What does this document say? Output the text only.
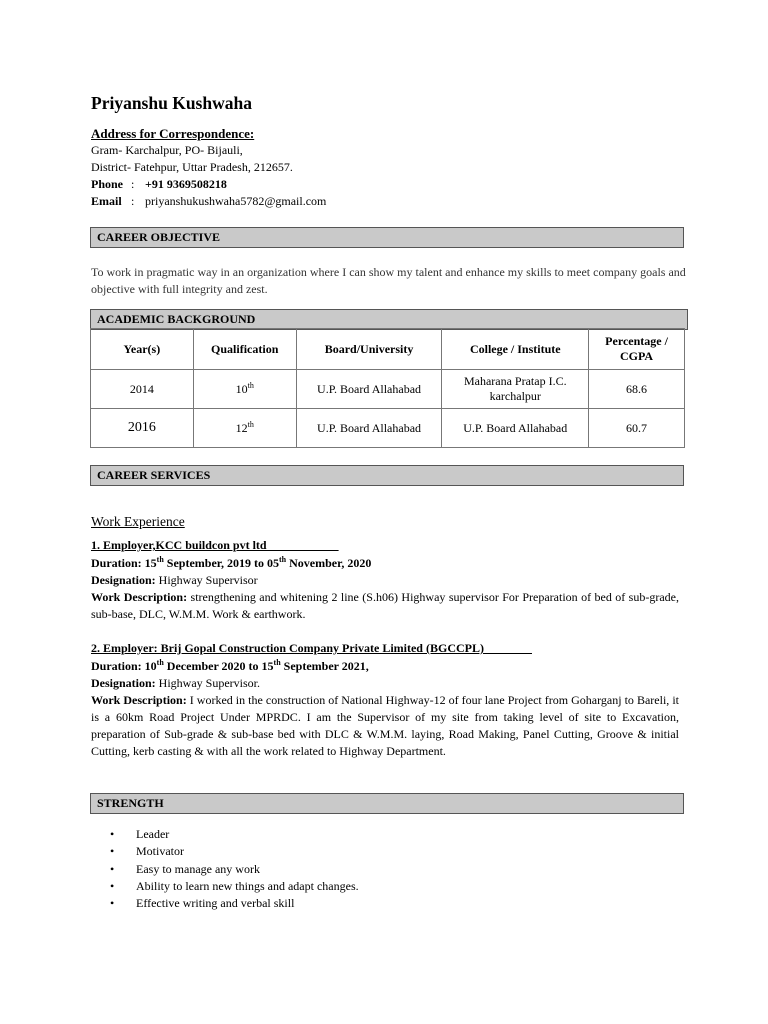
Priyanshu Kushwaha
Address for Correspondence:
Gram- Karchalpur, PO- Bijauli,
District- Fatehpur, Uttar Pradesh, 212657.
Phone : +91 9369508218
Email : priyanshukushwaha5782@gmail.com
CAREER OBJECTIVE
To work in pragmatic way in an organization where I can show my talent and enhance my skills to meet company goals and objective with full integrity and zest.
ACADEMIC BACKGROUND
Year(s)	Qualification	Board/University	College / Institute	Percentage / CGPA
2014	10th	U.P. Board Allahabad	Maharana Pratap I.C. karchalpur	68.6
2016	12th	U.P. Board Allahabad	U.P. Board Allahabad	60.7
CAREER SERVICES
Work Experience
1. Employer,KCC buildcon pvt ltd
Duration: 15th September, 2019 to 05th November, 2020
Designation: Highway Supervisor
Work Description: strengthening and whitening 2 line (S.h06) Highway supervisor For Preparation of bed of sub-grade, sub-base, DLC, W.M.M. Work & earthwork.
2. Employer: Brij Gopal Construction Company Private Limited (BGCCPL)
Duration: 10th December 2020 to 15th September 2021,
Designation: Highway Supervisor.
Work Description: I worked in the construction of National Highway-12 of four lane Project from Goharganj to Bareli, it is a 60km Road Project Under MPRDC. I am the Supervisor of my site from taking level of site to Excavation, preparation of Sub-grade & sub-base bed with DLC & W.M.M. laying, Road Making, Panel Cutting, Groove & initial Cutting, kerb casting & with all the work related to Highway Department.
STRENGTH
• Leader
• Motivator
• Easy to manage any work
• Ability to learn new things and adapt changes.
• Effective writing and verbal skill
